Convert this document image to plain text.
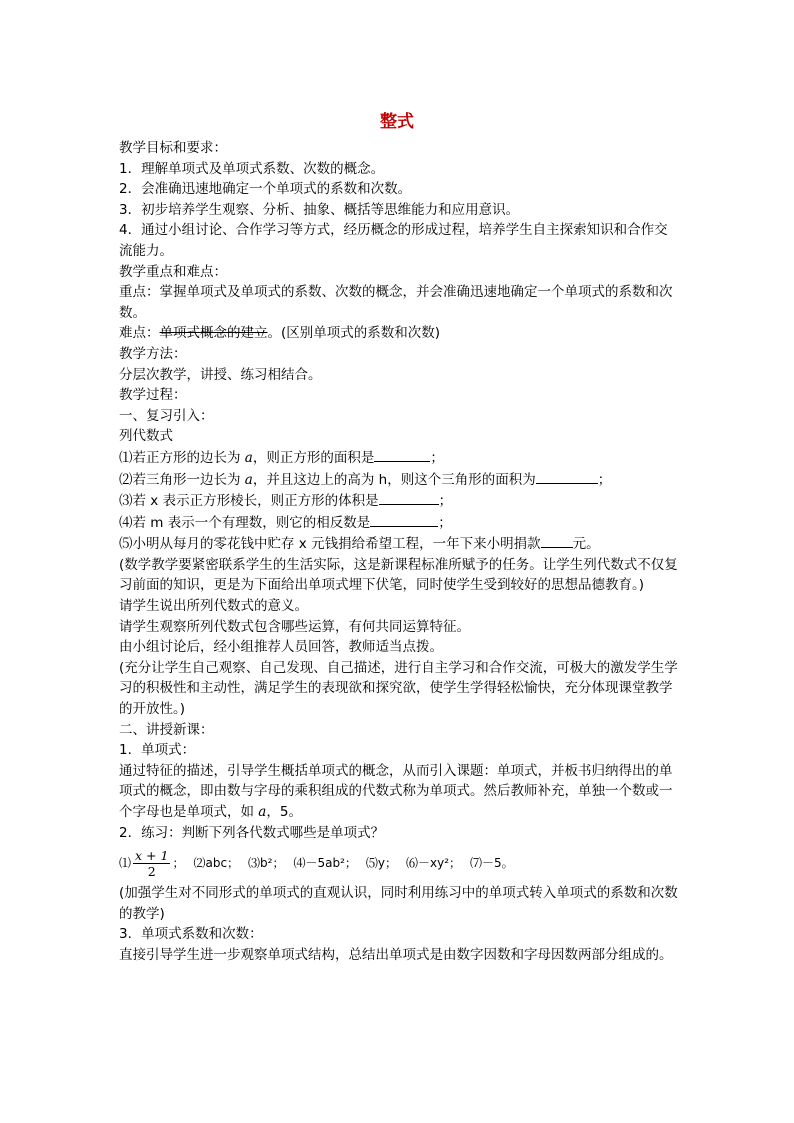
整式
教学目标和要求：
1．理解单项式及单项式系数、次数的概念。
2．会准确迅速地确定一个单项式的系数和次数。
3．初步培养学生观察、分析、抽象、概括等思维能力和应用意识。
4．通过小组讨论、合作学习等方式，经历概念的形成过程，培养学生自主探索知识和合作交流能力。
教学重点和难点：
重点：掌握单项式及单项式的系数、次数的概念，并会准确迅速地确定一个单项式的系数和次数。
难点：单项式概念的建立。(区别单项式的系数和次数)
教学方法：
分层次教学，讲授、练习相结合。
教学过程：
一、复习引入：
列代数式
⑴若正方形的边长为 a，则正方形的面积是	；
⑵若三角形一边长为 a，并且这边上的高为 h，则这个三角形的面积为	；
⑶若 x 表示正方形棱长，则正方形的体积是	；
⑷若 m 表示一个有理数，则它的相反数是	；
⑸小明从每月的零花钱中贮存 x 元钱捐给希望工程，一年下来小明捐款 元。
(数学教学要紧密联系学生的生活实际，这是新课程标准所赋予的任务。让学生列代数式不仅复习前面的知识，更是为下面给出单项式埋下伏笔，同时使学生受到较好的思想品德教育。)
请学生说出所列代数式的意义。
请学生观察所列代数式包含哪些运算，有何共同运算特征。
由小组讨论后，经小组推荐人员回答，教师适当点拨。
(充分让学生自己观察、自己发现、自己描述，进行自主学习和合作交流，可极大的激发学生学习的积极性和主动性，满足学生的表现欲和探究欲，使学生学得轻松愉快，充分体现课堂教学的开放性。)
二、讲授新课：
1．单项式：
通过特征的描述，引导学生概括单项式的概念，从而引入课题：单项式，并板书归纳得出的单项式的概念，即由数与字母的乘积组成的代数式称为单项式。然后教师补充，单独一个数或一个字母也是单项式，如 a，5。
2．练习：判断下列各代数式哪些是单项式？
⑴ $\frac{x + 1}{2}$ ； ⑵abc； ⑶b²； ⑷－5ab²； ⑸y； ⑹－xy²； ⑺－5。
(加强学生对不同形式的单项式的直观认识，同时利用练习中的单项式转入单项式的系数和次数的教学)
3．单项式系数和次数：
直接引导学生进一步观察单项式结构，总结出单项式是由数字因数和字母因数两部分组成的。
